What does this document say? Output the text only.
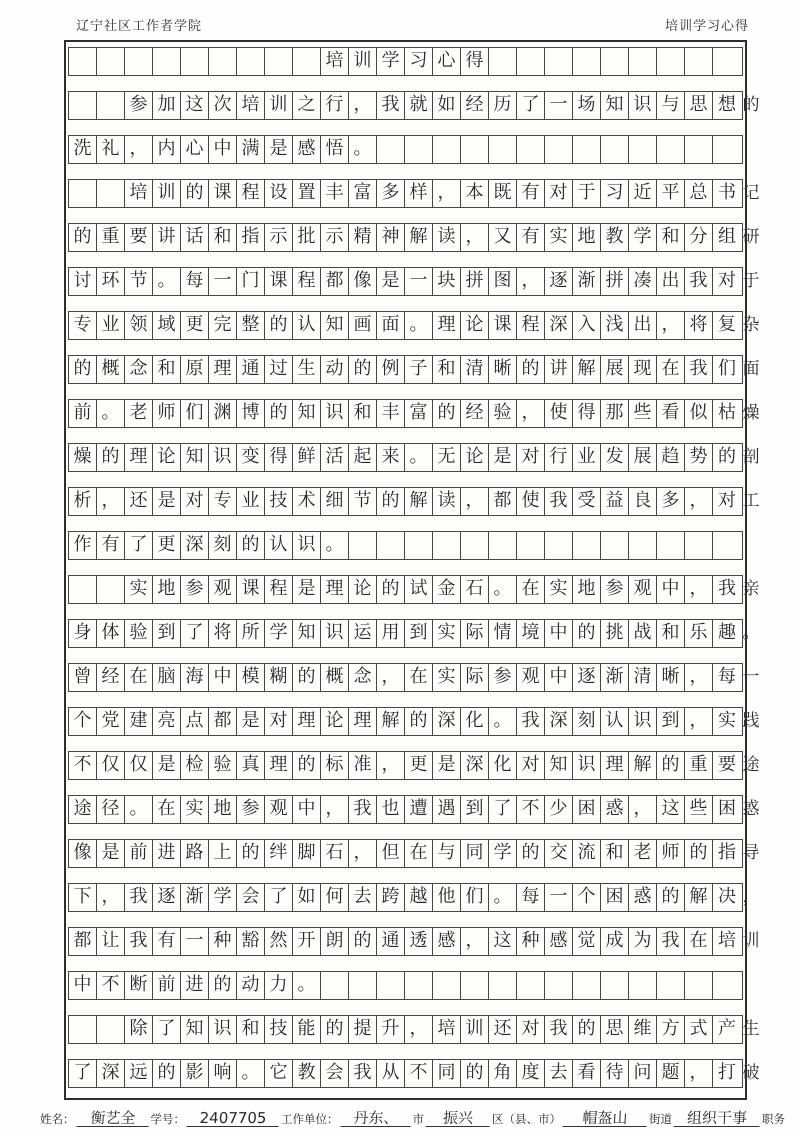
辽宁社区工作者学院	培训学习心得
培 训 学 习 心 得
参 加 这 次 培 训 之 行 ， 我 就 如 经 历 了 一 场 知 识 与 思 想 的
洗 礼 ， 内 心 中 满 是 感 悟 。
培 训 的 课 程 设 置 丰 富 多 样 ， 本 既 有 对 于 习 近 平 总 书 记
的 重 要 讲 话 和 指 示 批 示 精 神 解 读 ， 又 有 实 地 教 学 和 分 组 研
讨 环 节 。 每 一 门 课 程 都 像 是 一 块 拼 图 ， 逐 渐 拼 凑 出 我 对 于
专 业 领 域 更 完 整 的 认 知 画 面 。 理 论 课 程 深 入 浅 出 ， 将 复 杂
的 概 念 和 原 理 通 过 生 动 的 例 子 和 清 晰 的 讲 解 展 现 在 我 们 面
前 。 老 师 们 渊 博 的 知 识 和 丰 富 的 经 验 ， 使 得 那 些 看 似 枯 燥
燥 的 理 论 知 识 变 得 鲜 活 起 来 。 无 论 是 对 行 业 发 展 趋 势 的 剖
析 ， 还 是 对 专 业 技 术 细 节 的 解 读 ， 都 使 我 受 益 良 多 ， 对 工
作 有 了 更 深 刻 的 认 识 。
实 地 参 观 课 程 是 理 论 的 试 金 石 。 在 实 地 参 观 中 ， 我 亲
身 体 验 到 了 将 所 学 知 识 运 用 到 实 际 情 境 中 的 挑 战 和 乐 趣 。
曾 经 在 脑 海 中 模 糊 的 概 念 ， 在 实 际 参 观 中 逐 渐 清 晰 ， 每 一
个 党 建 亮 点 都 是 对 理 论 理 解 的 深 化 。 我 深 刻 认 识 到 ， 实 践
不 仅 仅 是 检 验 真 理 的 标 准 ， 更 是 深 化 对 知 识 理 解 的 重 要 途
途 径 。 在 实 地 参 观 中 ， 我 也 遭 遇 到 了 不 少 困 惑 ， 这 些 困 惑
像 是 前 进 路 上 的 绊 脚 石 ， 但 在 与 同 学 的 交 流 和 老 师 的 指 导
下 ， 我 逐 渐 学 会 了 如 何 去 跨 越 他 们 。 每 一 个 困 惑 的 解 决 ，
都 让 我 有 一 种 豁 然 开 朗 的 通 透 感 ， 这 种 感 觉 成 为 我 在 培 训
中 不 断 前 进 的 动 力 。
除 了 知 识 和 技 能 的 提 升 ， 培 训 还 对 我 的 思 维 方 式 产 生
了 深 远 的 影 响 。 它 教 会 我 从 不 同 的 角 度 去 看 待 问 题 ， 打 破
姓名：	衡艺全	学号： 2407705	工作单位： 丹东、	市	振兴	区（县、市）	帽盔山	街道 组织干事	职务
